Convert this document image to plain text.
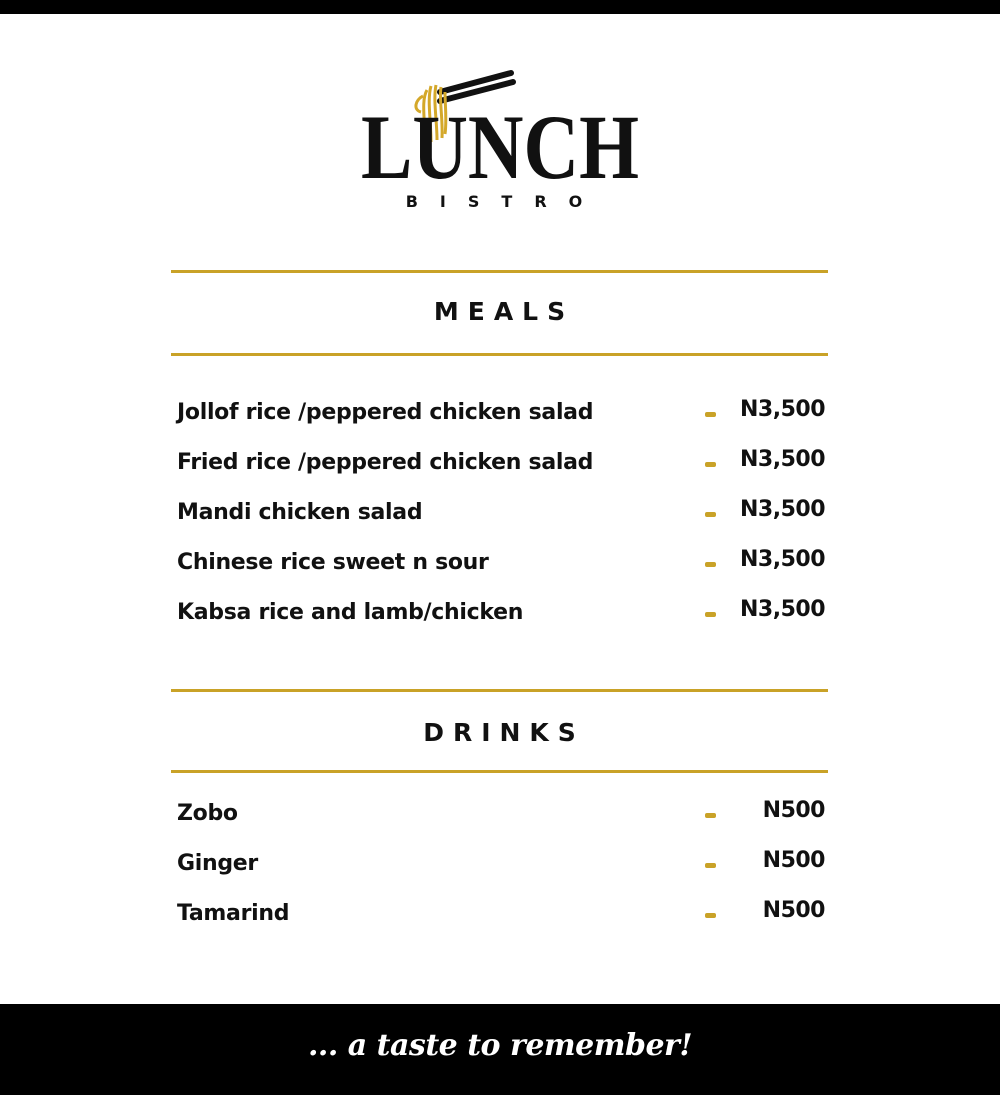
LUNCH
BISTRO
MEALS
Jollof rice /peppered chicken salad	N3,500
Fried rice /peppered chicken salad	N3,500
Mandi chicken salad	N3,500
Chinese rice sweet n sour	N3,500
Kabsa rice and lamb/chicken	N3,500
DRINKS
Zobo	N500
Ginger	N500
Tamarind	N500
... a taste to remember!
